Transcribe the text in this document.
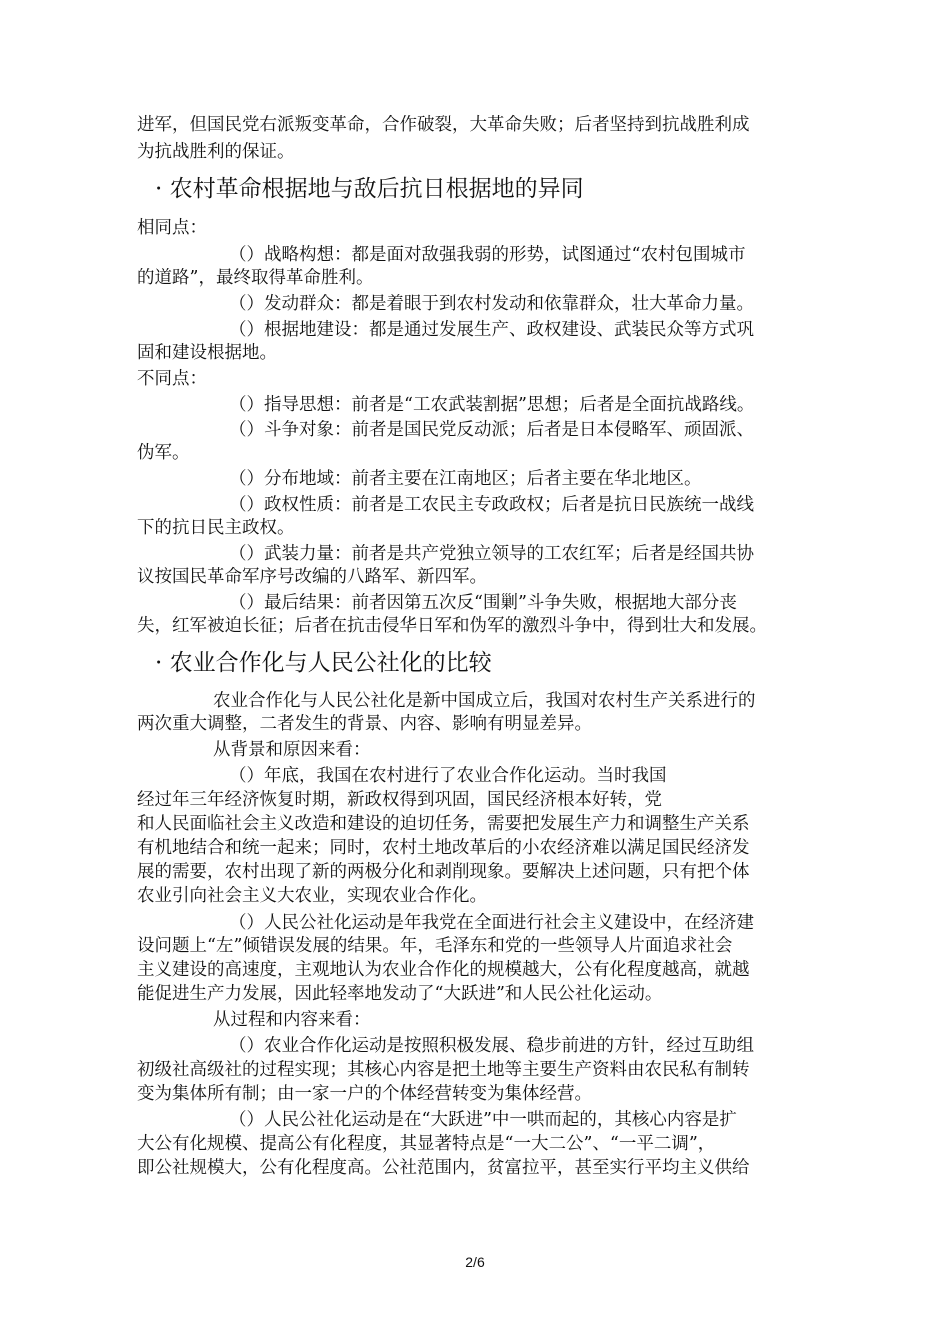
进军，但国民党右派叛变革命，合作破裂，大革命失败；后者坚持到抗战胜利成
为抗战胜利的保证。
· 农村革命根据地与敌后抗日根据地的异同
相同点：
（）战略构想：都是面对敌强我弱的形势，试图通过“农村包围城市
的道路”，最终取得革命胜利。
（）发动群众：都是着眼于到农村发动和依靠群众，壮大革命力量。
（）根据地建设：都是通过发展生产、政权建设、武装民众等方式巩
固和建设根据地。
不同点：
（）指导思想：前者是“工农武装割据”思想；后者是全面抗战路线。
（）斗争对象：前者是国民党反动派；后者是日本侵略军、顽固派、
伪军。
（）分布地域：前者主要在江南地区；后者主要在华北地区。
（）政权性质：前者是工农民主专政政权；后者是抗日民族统一战线
下的抗日民主政权。
（）武装力量：前者是共产党独立领导的工农红军；后者是经国共协
议按国民革命军序号改编的八路军、新四军。
（）最后结果：前者因第五次反“围剿”斗争失败，根据地大部分丧
失，红军被迫长征；后者在抗击侵华日军和伪军的激烈斗争中，得到壮大和发展。
· 农业合作化与人民公社化的比较
农业合作化与人民公社化是新中国成立后，我国对农村生产关系进行的
两次重大调整，二者发生的背景、内容、影响有明显差异。
从背景和原因来看：
（）年底，我国在农村进行了农业合作化运动。当时我国
经过年三年经济恢复时期，新政权得到巩固，国民经济根本好转，党
和人民面临社会主义改造和建设的迫切任务，需要把发展生产力和调整生产关系
有机地结合和统一起来；同时，农村土地改革后的小农经济难以满足国民经济发
展的需要，农村出现了新的两极分化和剥削现象。要解决上述问题，只有把个体
农业引向社会主义大农业，实现农业合作化。
（）人民公社化运动是年我党在全面进行社会主义建设中，在经济建
设问题上“左”倾错误发展的结果。年，毛泽东和党的一些领导人片面追求社会
主义建设的高速度，主观地认为农业合作化的规模越大，公有化程度越高，就越
能促进生产力发展，因此轻率地发动了“大跃进”和人民公社化运动。
从过程和内容来看：
（）农业合作化运动是按照积极发展、稳步前进的方针，经过互助组
初级社高级社的过程实现；其核心内容是把土地等主要生产资料由农民私有制转
变为集体所有制；由一家一户的个体经营转变为集体经营。
（）人民公社化运动是在“大跃进”中一哄而起的，其核心内容是扩
大公有化规模、提高公有化程度，其显著特点是“一大二公”、“一平二调”，
即公社规模大，公有化程度高。公社范围内，贫富拉平，甚至实行平均主义供给
2/6
